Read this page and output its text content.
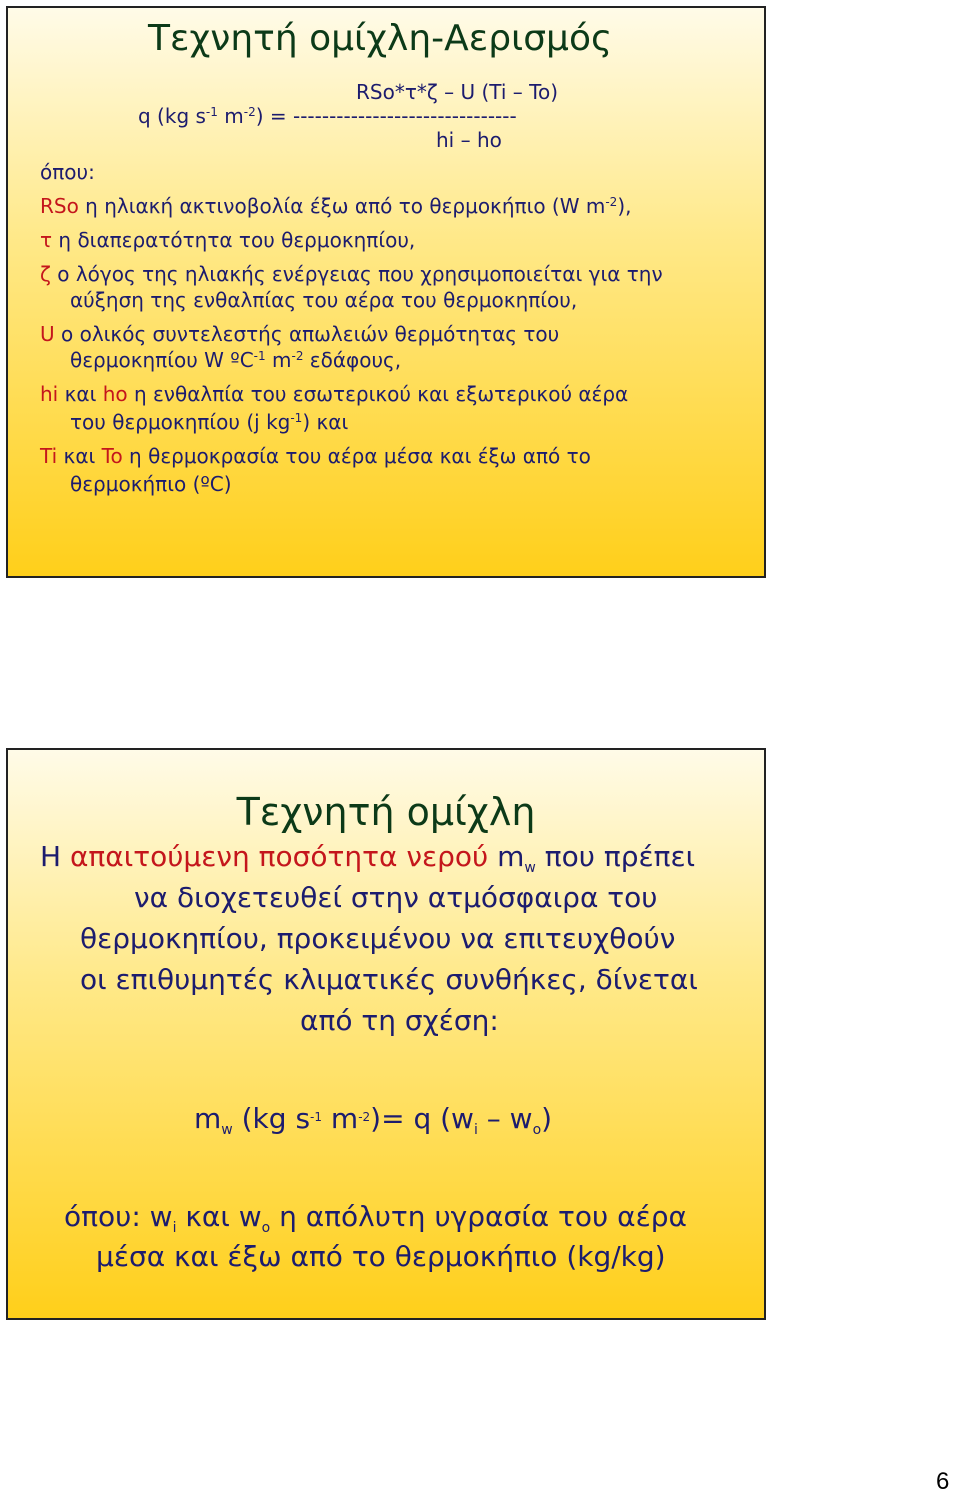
Τεχνητή ομίχλη-Αερισμός
RSo*τ*ζ – U (Ti – To)
q (kg $s^{-1}$ $m^{-2}$) = -------------------------------
hi – ho
όπου:
RSo η ηλιακή ακτινοβολία έξω από το θερμοκήπιο (W $m^{-2}$),
τ η διαπερατότητα του θερμοκηπίου,
ζ ο λόγος της ηλιακής ενέργειας που χρησιμοποιείται για την
αύξηση της ενθαλπίας του αέρα του θερμοκηπίου,
U ο ολικός συντελεστής απωλειών θερμότητας του
θερμοκηπίου W ºC$^{-1}$ $m^{-2}$ εδάφους,
hi και ho η ενθαλπία του εσωτερικού και εξωτερικού αέρα
του θερμοκηπίου (j $kg^{-1}$) και
Ti και To η θερμοκρασία του αέρα μέσα και έξω από το
θερμοκήπιο (ºC)
Τεχνητή ομίχλη
Η απαιτούμενη ποσότητα νερού $m_w$ που πρέπει
να διοχετευθεί στην ατμόσφαιρα του
θερμοκηπίου, προκειμένου να επιτευχθούν
οι επιθυμητές κλιματικές συνθήκες, δίνεται
από τη σχέση:
$m_w$ (kg $s^{-1}$ $m^{-2})= q$ $(w_i - w_o)$
όπου: $w_i$ και $w_o$ η απόλυτη υγρασία του αέρα
μέσα και έξω από το θερμοκήπιο (kg/kg)
6
